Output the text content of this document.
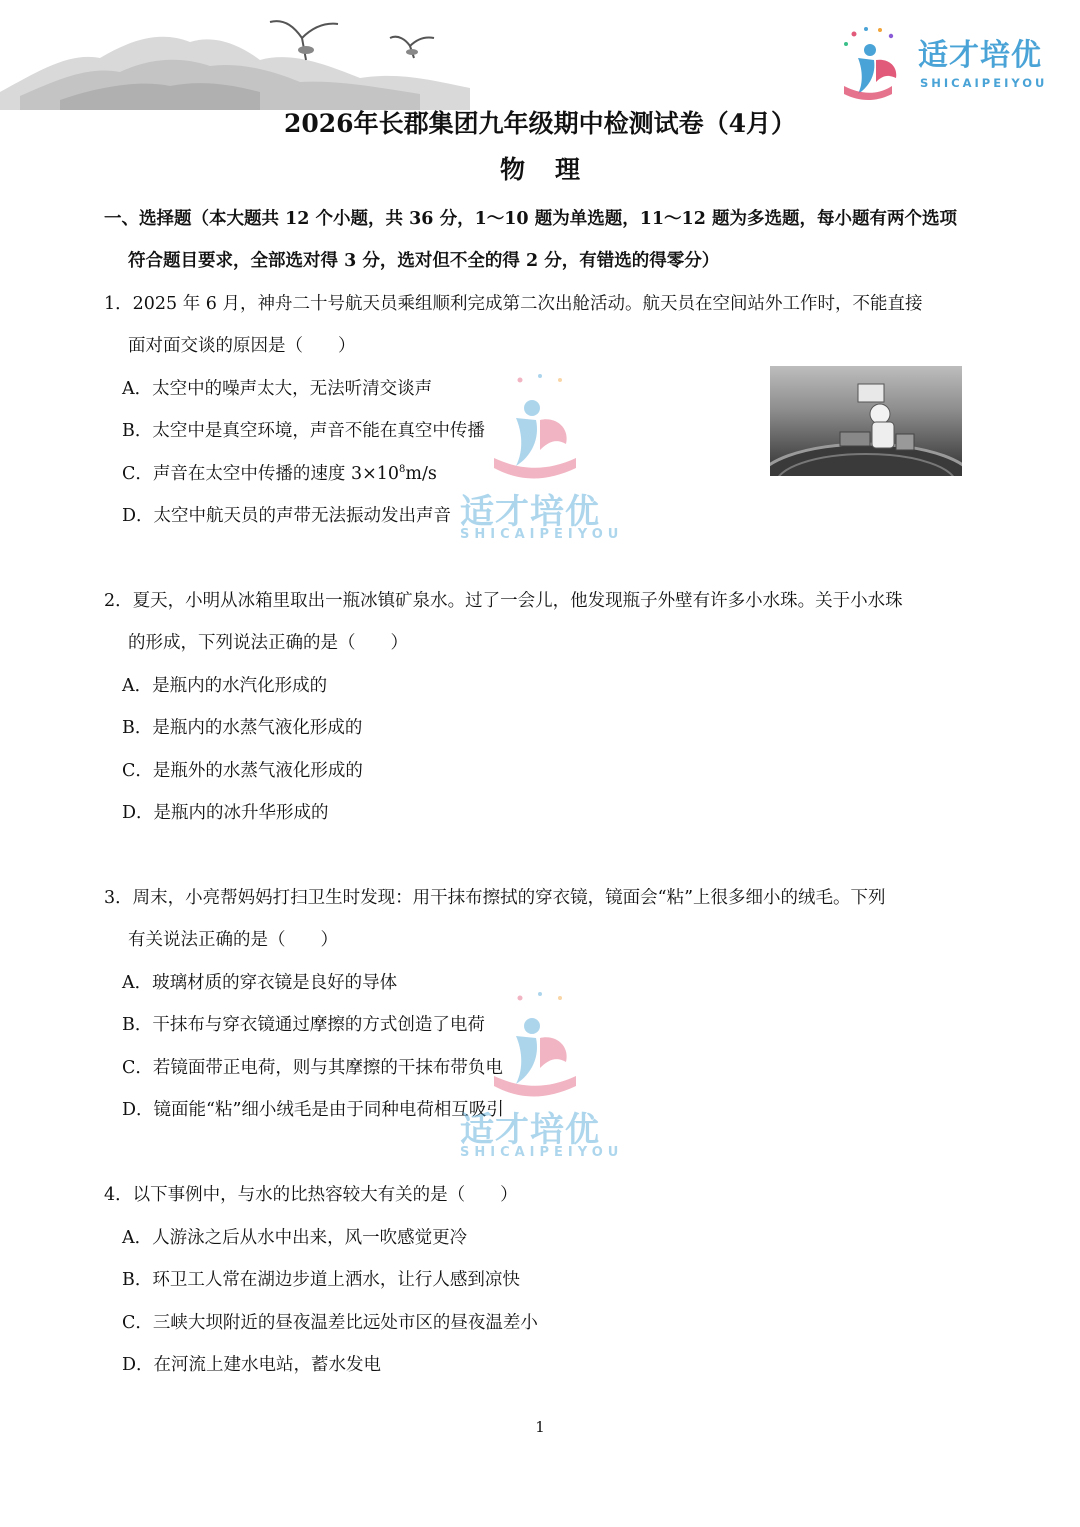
适才培优
SHICAIPEIYOU
2026年长郡集团九年级期中检测试卷（4月）
物理
一、选择题（本大题共 12 个小题，共 36 分，1～10 题为单选题，11～12 题为多选题，每小题有两个选项
符合题目要求，全部选对得 3 分，选对但不全的得 2 分，有错选的得零分）
1．2025 年 6 月，神舟二十号航天员乘组顺利完成第二次出舱活动。航天员在空间站外工作时，不能直接
面对面交谈的原因是（　　）
A．太空中的噪声太大，无法听清交谈声
B．太空中是真空环境，声音不能在真空中传播
C．声音在太空中传播的速度 $3\times 10^8m/s$
D．太空中航天员的声带无法振动发出声音 适才培优
SHICAIPEIYOU
2．夏天，小明从冰箱里取出一瓶冰镇矿泉水。过了一会儿，他发现瓶子外壁有许多小水珠。关于小水珠
的形成，下列说法正确的是（　　）
A．是瓶内的水汽化形成的
B．是瓶内的水蒸气液化形成的
C．是瓶外的水蒸气液化形成的
D．是瓶内的冰升华形成的
3．周末，小亮帮妈妈打扫卫生时发现：用干抹布擦拭的穿衣镜，镜面会“粘”上很多细小的绒毛。下列
有关说法正确的是（　　）
A．玻璃材质的穿衣镜是良好的导体
B．干抹布与穿衣镜通过摩擦的方式创造了电荷
C．若镜面带正电荷，则与其摩擦的干抹布带负电
D．镜面能“粘”细小绒毛是由于同种电荷相互吸引
适才培优
SHICAIPEIYOU
4．以下事例中，与水的比热容较大有关的是（　　）
A．人游泳之后从水中出来，风一吹感觉更冷
B．环卫工人常在湖边步道上洒水，让行人感到凉快
C．三峡大坝附近的昼夜温差比远处市区的昼夜温差小
D．在河流上建水电站，蓄水发电
1
